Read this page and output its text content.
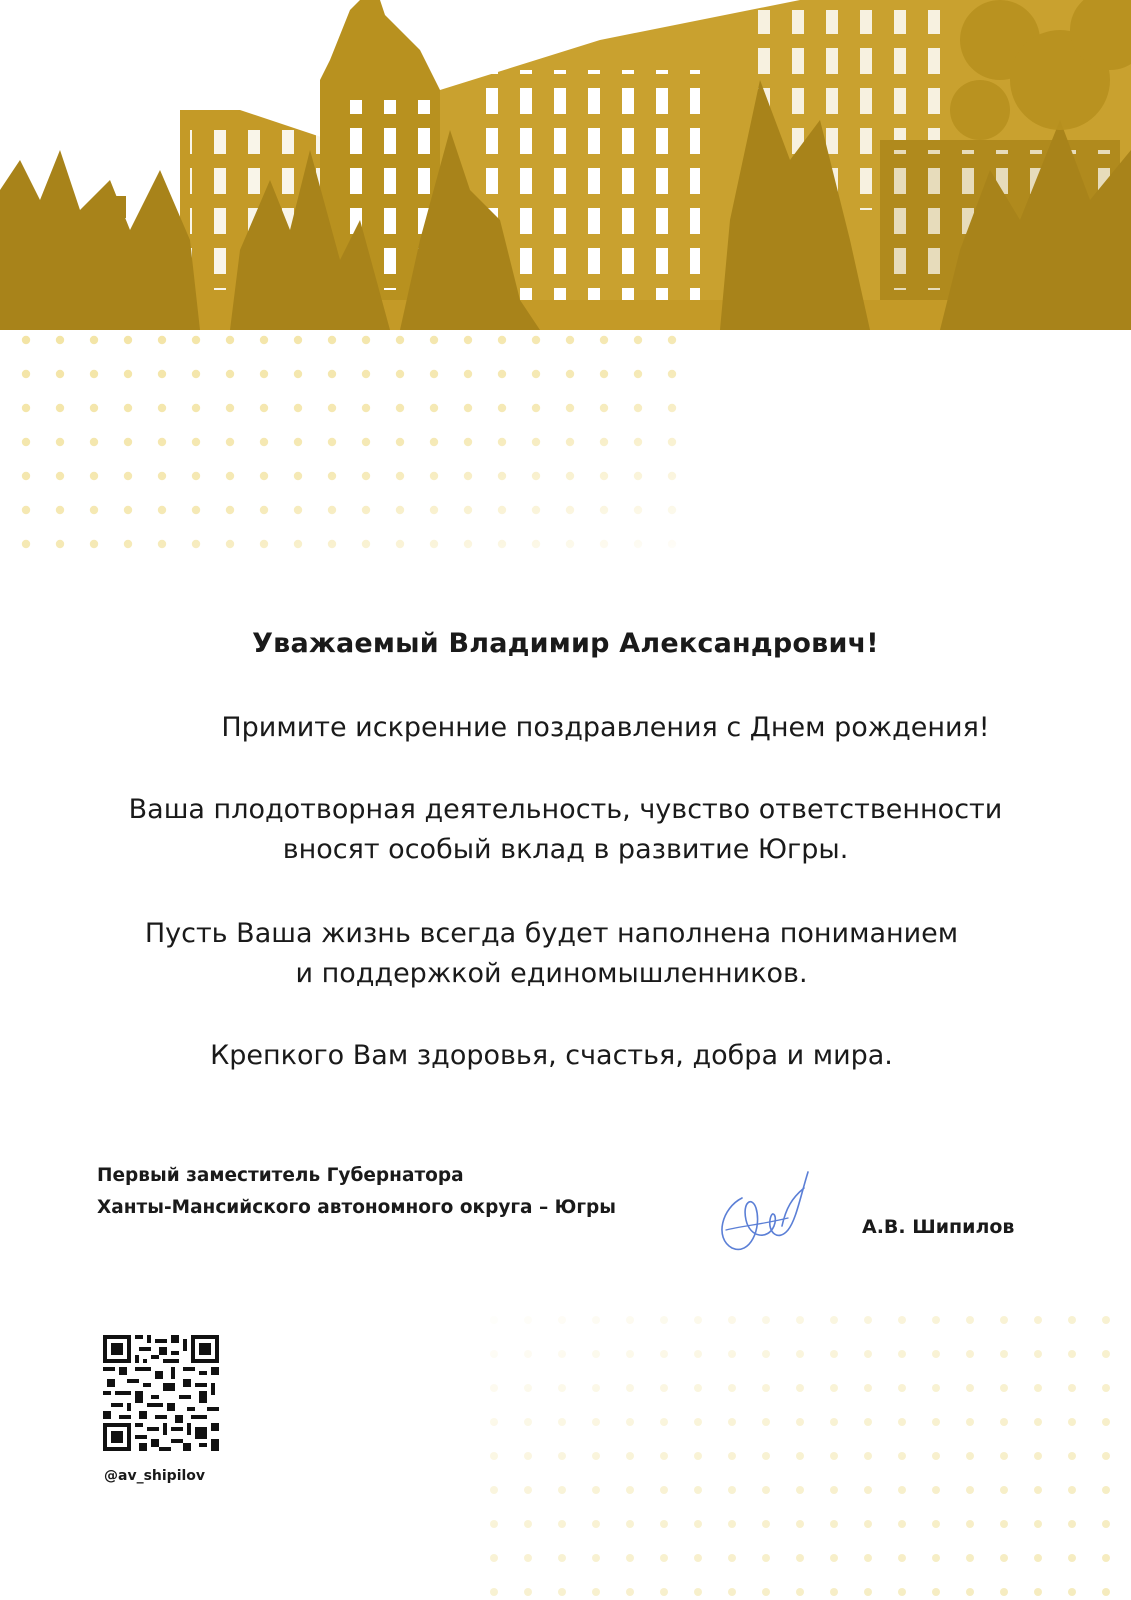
Уважаемый Владимир Александрович!
Примите искренние поздравления с Днем рождения!
Ваша плодотворная деятельность, чувство ответственности
вносят особый вклад в развитие Югры.
Пусть Ваша жизнь всегда будет наполнена пониманием
и поддержкой единомышленников.
Крепкого Вам здоровья, счастья, добра и мира.
Первый заместитель Губернатора
Ханты-Мансийского автономного округа – Югры
А.В. Шипилов
@av_shipilov
